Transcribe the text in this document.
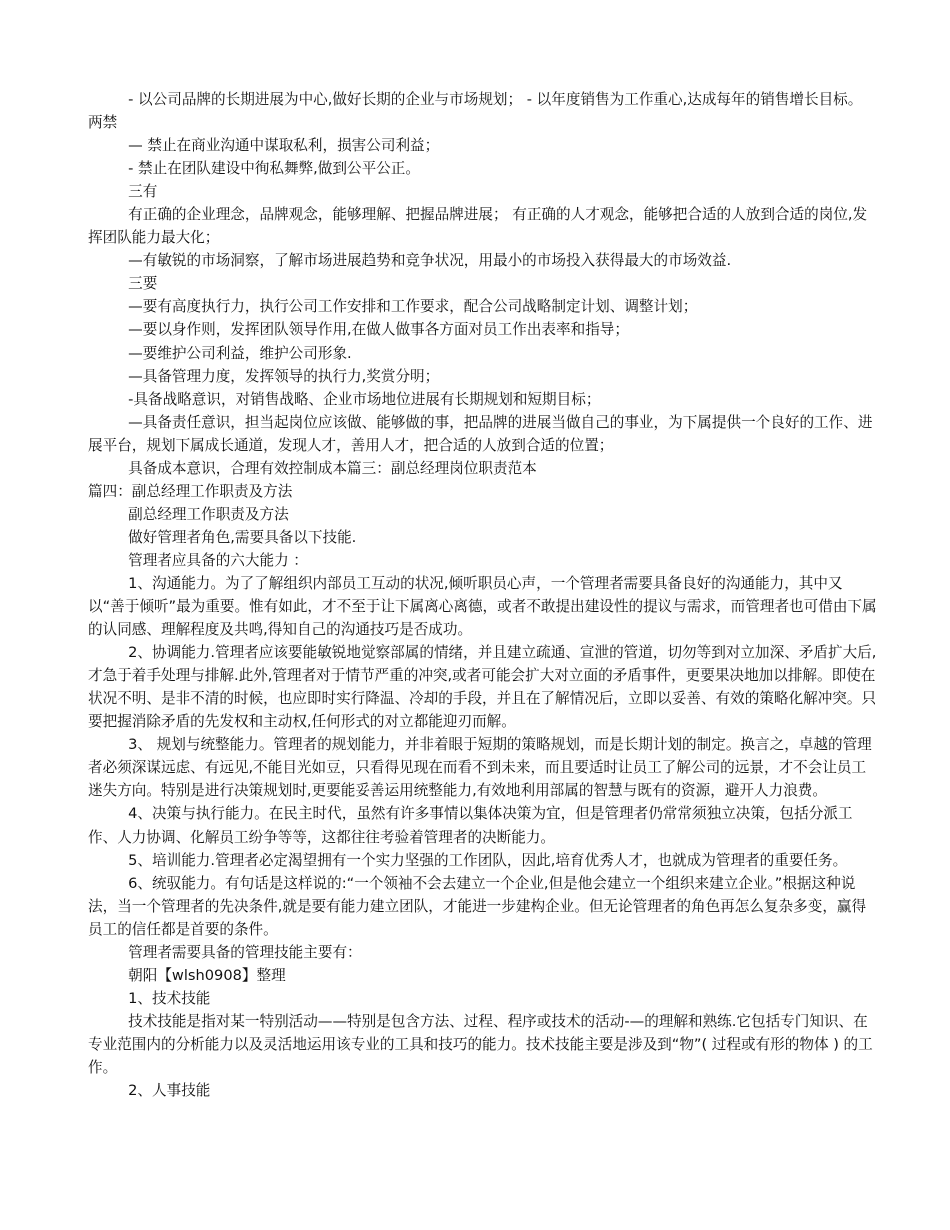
- 以公司品牌的长期进展为中心,做好长期的企业与市场规划； - 以年度销售为工作重心,达成每年的销售增长目标。 两禁

— 禁止在商业沟通中谋取私利，损害公司利益；

- 禁止在团队建设中徇私舞弊,做到公平公正。

三有

有正确的企业理念，品牌观念，能够理解、把握品牌进展； 有正确的人才观念，能够把合适的人放到合适的岗位,发挥团队能力最大化；

—有敏锐的市场洞察，了解市场进展趋势和竞争状况，用最小的市场投入获得最大的市场效益.

三要

—要有高度执行力，执行公司工作安排和工作要求，配合公司战略制定计划、调整计划；

—要以身作则，发挥团队领导作用,在做人做事各方面对员工作出表率和指导；

—要维护公司利益，维护公司形象.

—具备管理力度，发挥领导的执行力,奖赏分明；

-具备战略意识，对销售战略、企业市场地位进展有长期规划和短期目标；

—具备责任意识，担当起岗位应该做、能够做的事，把品牌的进展当做自己的事业，为下属提供一个良好的工作、进展平台，规划下属成长通道，发现人才，善用人才，把合适的人放到合适的位置；

具备成本意识，合理有效控制成本篇三：副总经理岗位职责范本

篇四：副总经理工作职责及方法

副总经理工作职责及方法

做好管理者角色,需要具备以下技能.

管理者应具备的六大能力 ：

1、沟通能力。为了了解组织内部员工互动的状况,倾听职员心声，一个管理者需要具备良好的沟通能力，其中又以“善于倾听”最为重要。惟有如此，才不至于让下属离心离德，或者不敢提出建设性的提议与需求，而管理者也可借由下属的认同感、理解程度及共鸣,得知自己的沟通技巧是否成功。

2、协调能力.管理者应该要能敏锐地觉察部属的情绪，并且建立疏通、宣泄的管道，切勿等到对立加深、矛盾扩大后,才急于着手处理与排解.此外,管理者对于情节严重的冲突,或者可能会扩大对立面的矛盾事件，更要果决地加以排解。即使在状况不明、是非不清的时候，也应即时实行降温、冷却的手段，并且在了解情况后，立即以妥善、有效的策略化解冲突。只要把握消除矛盾的先发权和主动权,任何形式的对立都能迎刃而解。

3、 规划与统整能力。管理者的规划能力，并非着眼于短期的策略规划，而是长期计划的制定。换言之，卓越的管理者必须深谋远虑、有远见,不能目光如豆，只看得见现在而看不到未来，而且要适时让员工了解公司的远景，才不会让员工迷失方向。特别是进行决策规划时,更要能妥善运用统整能力,有效地利用部属的智慧与既有的资源，避开人力浪费。

4、决策与执行能力。在民主时代，虽然有许多事情以集体决策为宜，但是管理者仍常常须独立决策，包括分派工作、人力协调、化解员工纷争等等，这都往往考验着管理者的决断能力。

5、培训能力.管理者必定渴望拥有一个实力坚强的工作团队，因此,培育优秀人才，也就成为管理者的重要任务。

6、统驭能力。有句话是这样说的:“一个领袖不会去建立一个企业,但是他会建立一个组织来建立企业。”根据这种说法，当一个管理者的先决条件,就是要有能力建立团队，才能进一步建构企业。但无论管理者的角色再怎么复杂多变，赢得员工的信任都是首要的条件。

管理者需要具备的管理技能主要有：

朝阳【wlsh0908】整理

1、技术技能

技术技能是指对某一特别活动——特别是包含方法、过程、程序或技术的活动-—的理解和熟练.它包括专门知识、在专业范围内的分析能力以及灵活地运用该专业的工具和技巧的能力。技术技能主要是涉及到“物”( 过程或有形的物体 ) 的工作。

2、人事技能
